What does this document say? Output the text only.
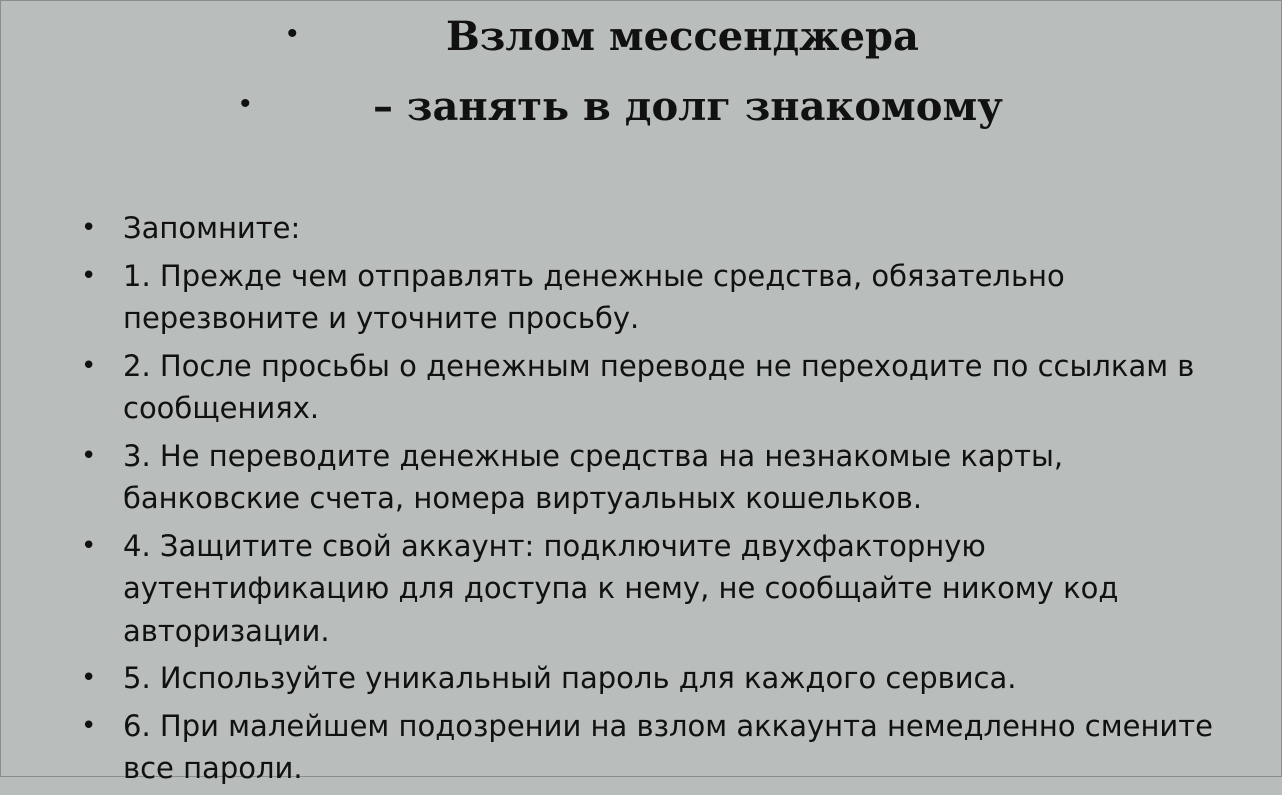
•	Взлом мессенджера
•	– занять в долг знакомому
• Запомните:
• 1. Прежде чем отправлять денежные средства, обязательно перезвоните и уточните просьбу.
• 2. После просьбы о денежным переводе не переходите по ссылкам в сообщениях.
• 3. Не переводите денежные средства на незнакомые карты, банковские счета, номера виртуальных кошельков.
• 4. Защитите свой аккаунт: подключите двухфакторную аутентификацию для доступа к нему, не сообщайте никому код авторизации.
• 5. Используйте уникальный пароль для каждого сервиса.
• 6. При малейшем подозрении на взлом аккаунта немедленно смените все пароли.
